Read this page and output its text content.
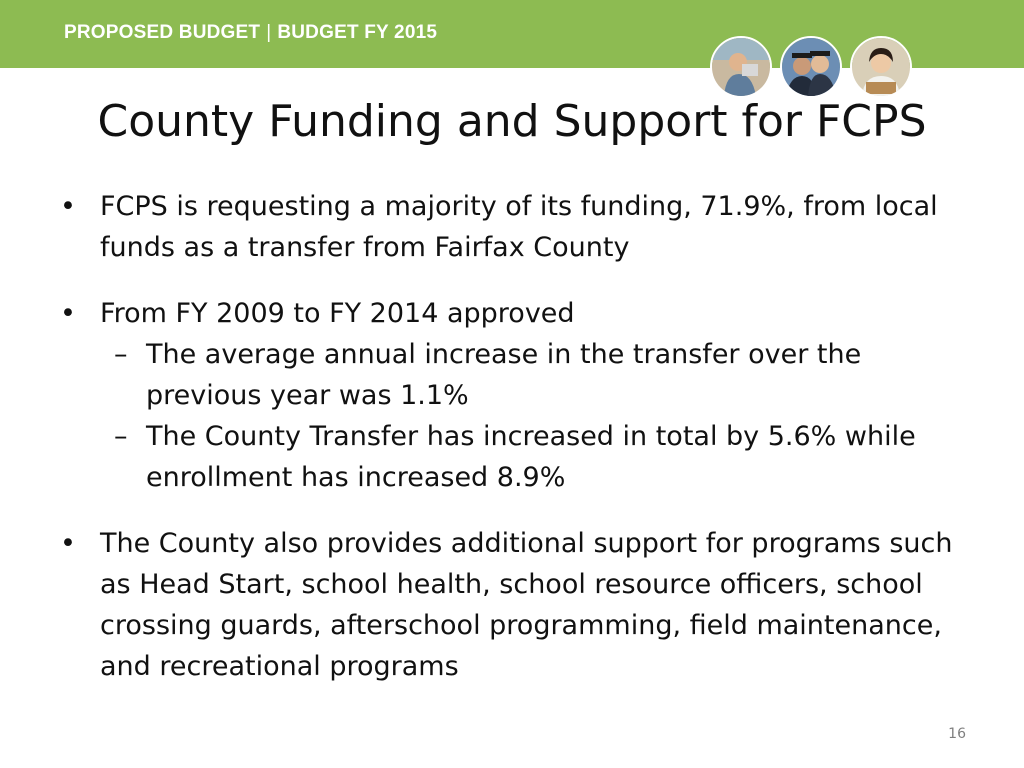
PROPOSED BUDGET | BUDGET FY 2015
County Funding and Support for FCPS
• FCPS is requesting a majority of its funding, 71.9%, from local funds as a transfer from Fairfax County
• From FY 2009 to FY 2014 approved
– The average annual increase in the transfer over the previous year was 1.1%
– The County Transfer has increased in total by 5.6% while enrollment has increased 8.9%
• The County also provides additional support for programs such as Head Start, school health, school resource officers, school crossing guards, afterschool programming, field maintenance, and recreational programs
16
